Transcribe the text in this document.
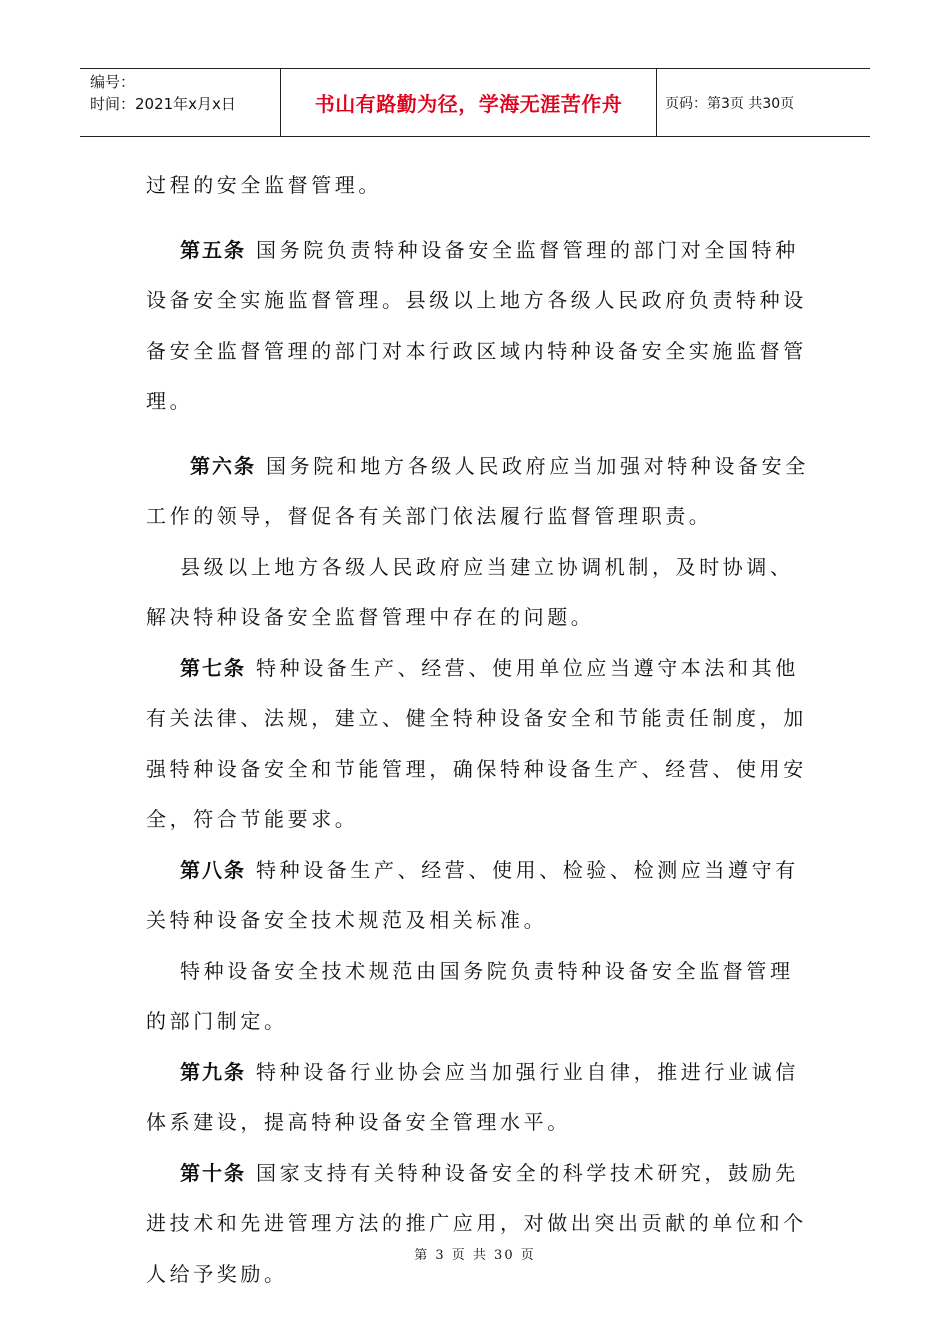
编号：
时间：2021年x月x日	书山有路勤为径，学海无涯苦作舟	页码：第3页 共30页

过程的安全监督管理。

第五条 国务院负责特种设备安全监督管理的部门对全国特种设备安全实施监督管理。县级以上地方各级人民政府负责特种设备安全监督管理的部门对本行政区域内特种设备安全实施监督管理。

第六条 国务院和地方各级人民政府应当加强对特种设备安全工作的领导，督促各有关部门依法履行监督管理职责。

县级以上地方各级人民政府应当建立协调机制，及时协调、解决特种设备安全监督管理中存在的问题。

第七条 特种设备生产、经营、使用单位应当遵守本法和其他有关法律、法规，建立、健全特种设备安全和节能责任制度，加强特种设备安全和节能管理，确保特种设备生产、经营、使用安全，符合节能要求。

第八条 特种设备生产、经营、使用、检验、检测应当遵守有关特种设备安全技术规范及相关标准。

特种设备安全技术规范由国务院负责特种设备安全监督管理的部门制定。

第九条 特种设备行业协会应当加强行业自律，推进行业诚信体系建设，提高特种设备安全管理水平。

第十条 国家支持有关特种设备安全的科学技术研究，鼓励先进技术和先进管理方法的推广应用，对做出突出贡献的单位和个人给予奖励。

第 3 页 共 30 页
